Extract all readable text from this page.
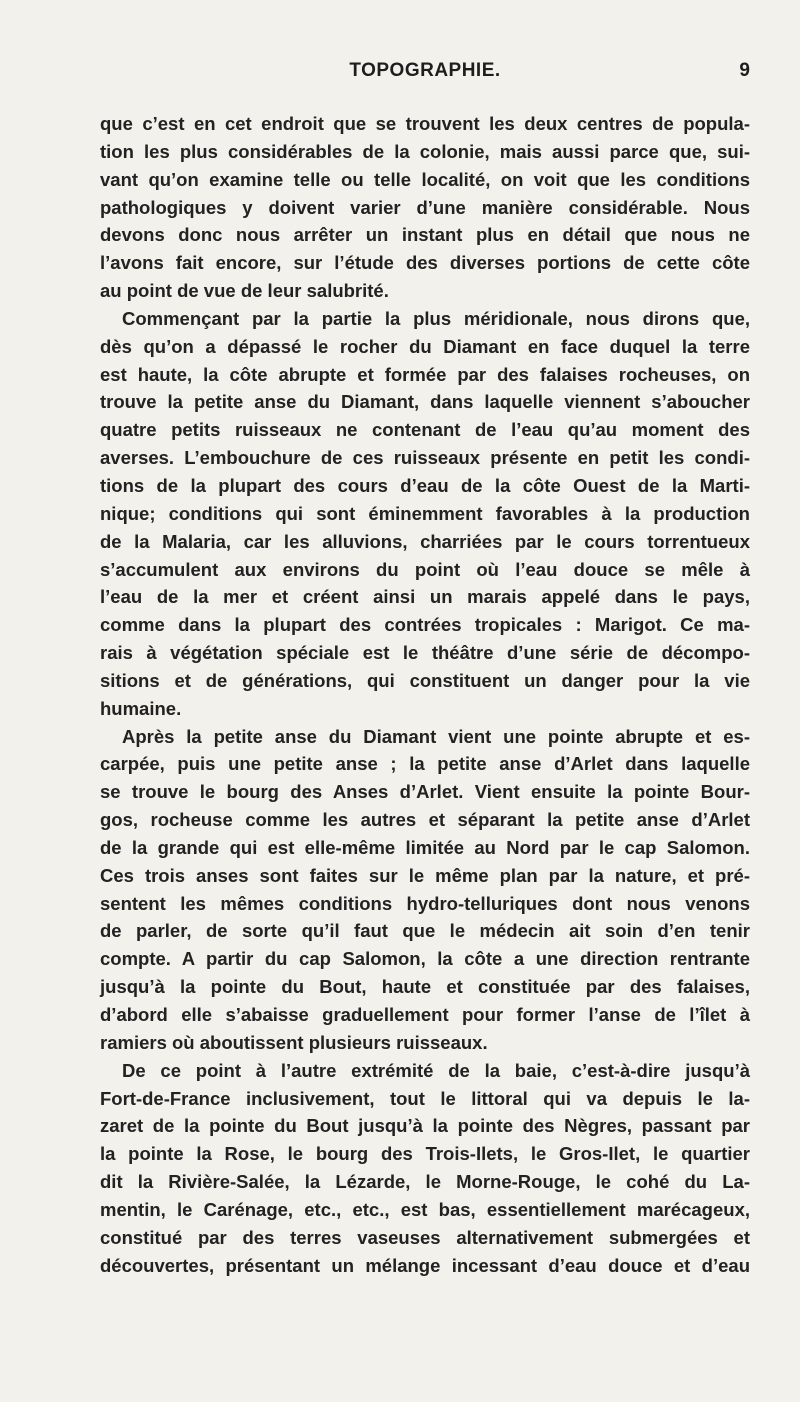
TOPOGRAPHIE.	9
que c’est en cet endroit que se trouvent les deux centres de popula-
tion les plus considérables de la colonie, mais aussi parce que, sui-
vant qu’on examine telle ou telle localité, on voit que les conditions
pathologiques y doivent varier d’une manière considérable. Nous
devons donc nous arrêter un instant plus en détail que nous ne
l’avons fait encore, sur l’étude des diverses portions de cette côte
au point de vue de leur salubrité.
Commençant par la partie la plus méridionale, nous dirons que,
dès qu’on a dépassé le rocher du Diamant en face duquel la terre
est haute, la côte abrupte et formée par des falaises rocheuses, on
trouve la petite anse du Diamant, dans laquelle viennent s’aboucher
quatre petits ruisseaux ne contenant de l’eau qu’au moment des
averses. L’embouchure de ces ruisseaux présente en petit les condi-
tions de la plupart des cours d’eau de la côte Ouest de la Marti-
nique; conditions qui sont éminemment favorables à la production
de la Malaria, car les alluvions, charriées par le cours torrentueux
s’accumulent aux environs du point où l’eau douce se mêle à
l’eau de la mer et créent ainsi un marais appelé dans le pays,
comme dans la plupart des contrées tropicales : Marigot. Ce ma-
rais à végétation spéciale est le théâtre d’une série de décompo-
sitions et de générations, qui constituent un danger pour la vie
humaine.
Après la petite anse du Diamant vient une pointe abrupte et es-
carpée, puis une petite anse ; la petite anse d’Arlet dans laquelle
se trouve le bourg des Anses d’Arlet. Vient ensuite la pointe Bour-
gos, rocheuse comme les autres et séparant la petite anse d’Arlet
de la grande qui est elle-même limitée au Nord par le cap Salomon.
Ces trois anses sont faites sur le même plan par la nature, et pré-
sentent les mêmes conditions hydro-telluriques dont nous venons
de parler, de sorte qu’il faut que le médecin ait soin d’en tenir
compte. A partir du cap Salomon, la côte a une direction rentrante
jusqu’à la pointe du Bout, haute et constituée par des falaises,
d’abord elle s’abaisse graduellement pour former l’anse de l’îlet à
ramiers où aboutissent plusieurs ruisseaux.
De ce point à l’autre extrémité de la baie, c’est-à-dire jusqu’à
Fort-de-France inclusivement, tout le littoral qui va depuis le la-
zaret de la pointe du Bout jusqu’à la pointe des Nègres, passant par
la pointe la Rose, le bourg des Trois-Ilets, le Gros-Ilet, le quartier
dit la Rivière-Salée, la Lézarde, le Morne-Rouge, le cohé du La-
mentin, le Carénage, etc., etc., est bas, essentiellement marécageux,
constitué par des terres vaseuses alternativement submergées et
découvertes, présentant un mélange incessant d’eau douce et d’eau
